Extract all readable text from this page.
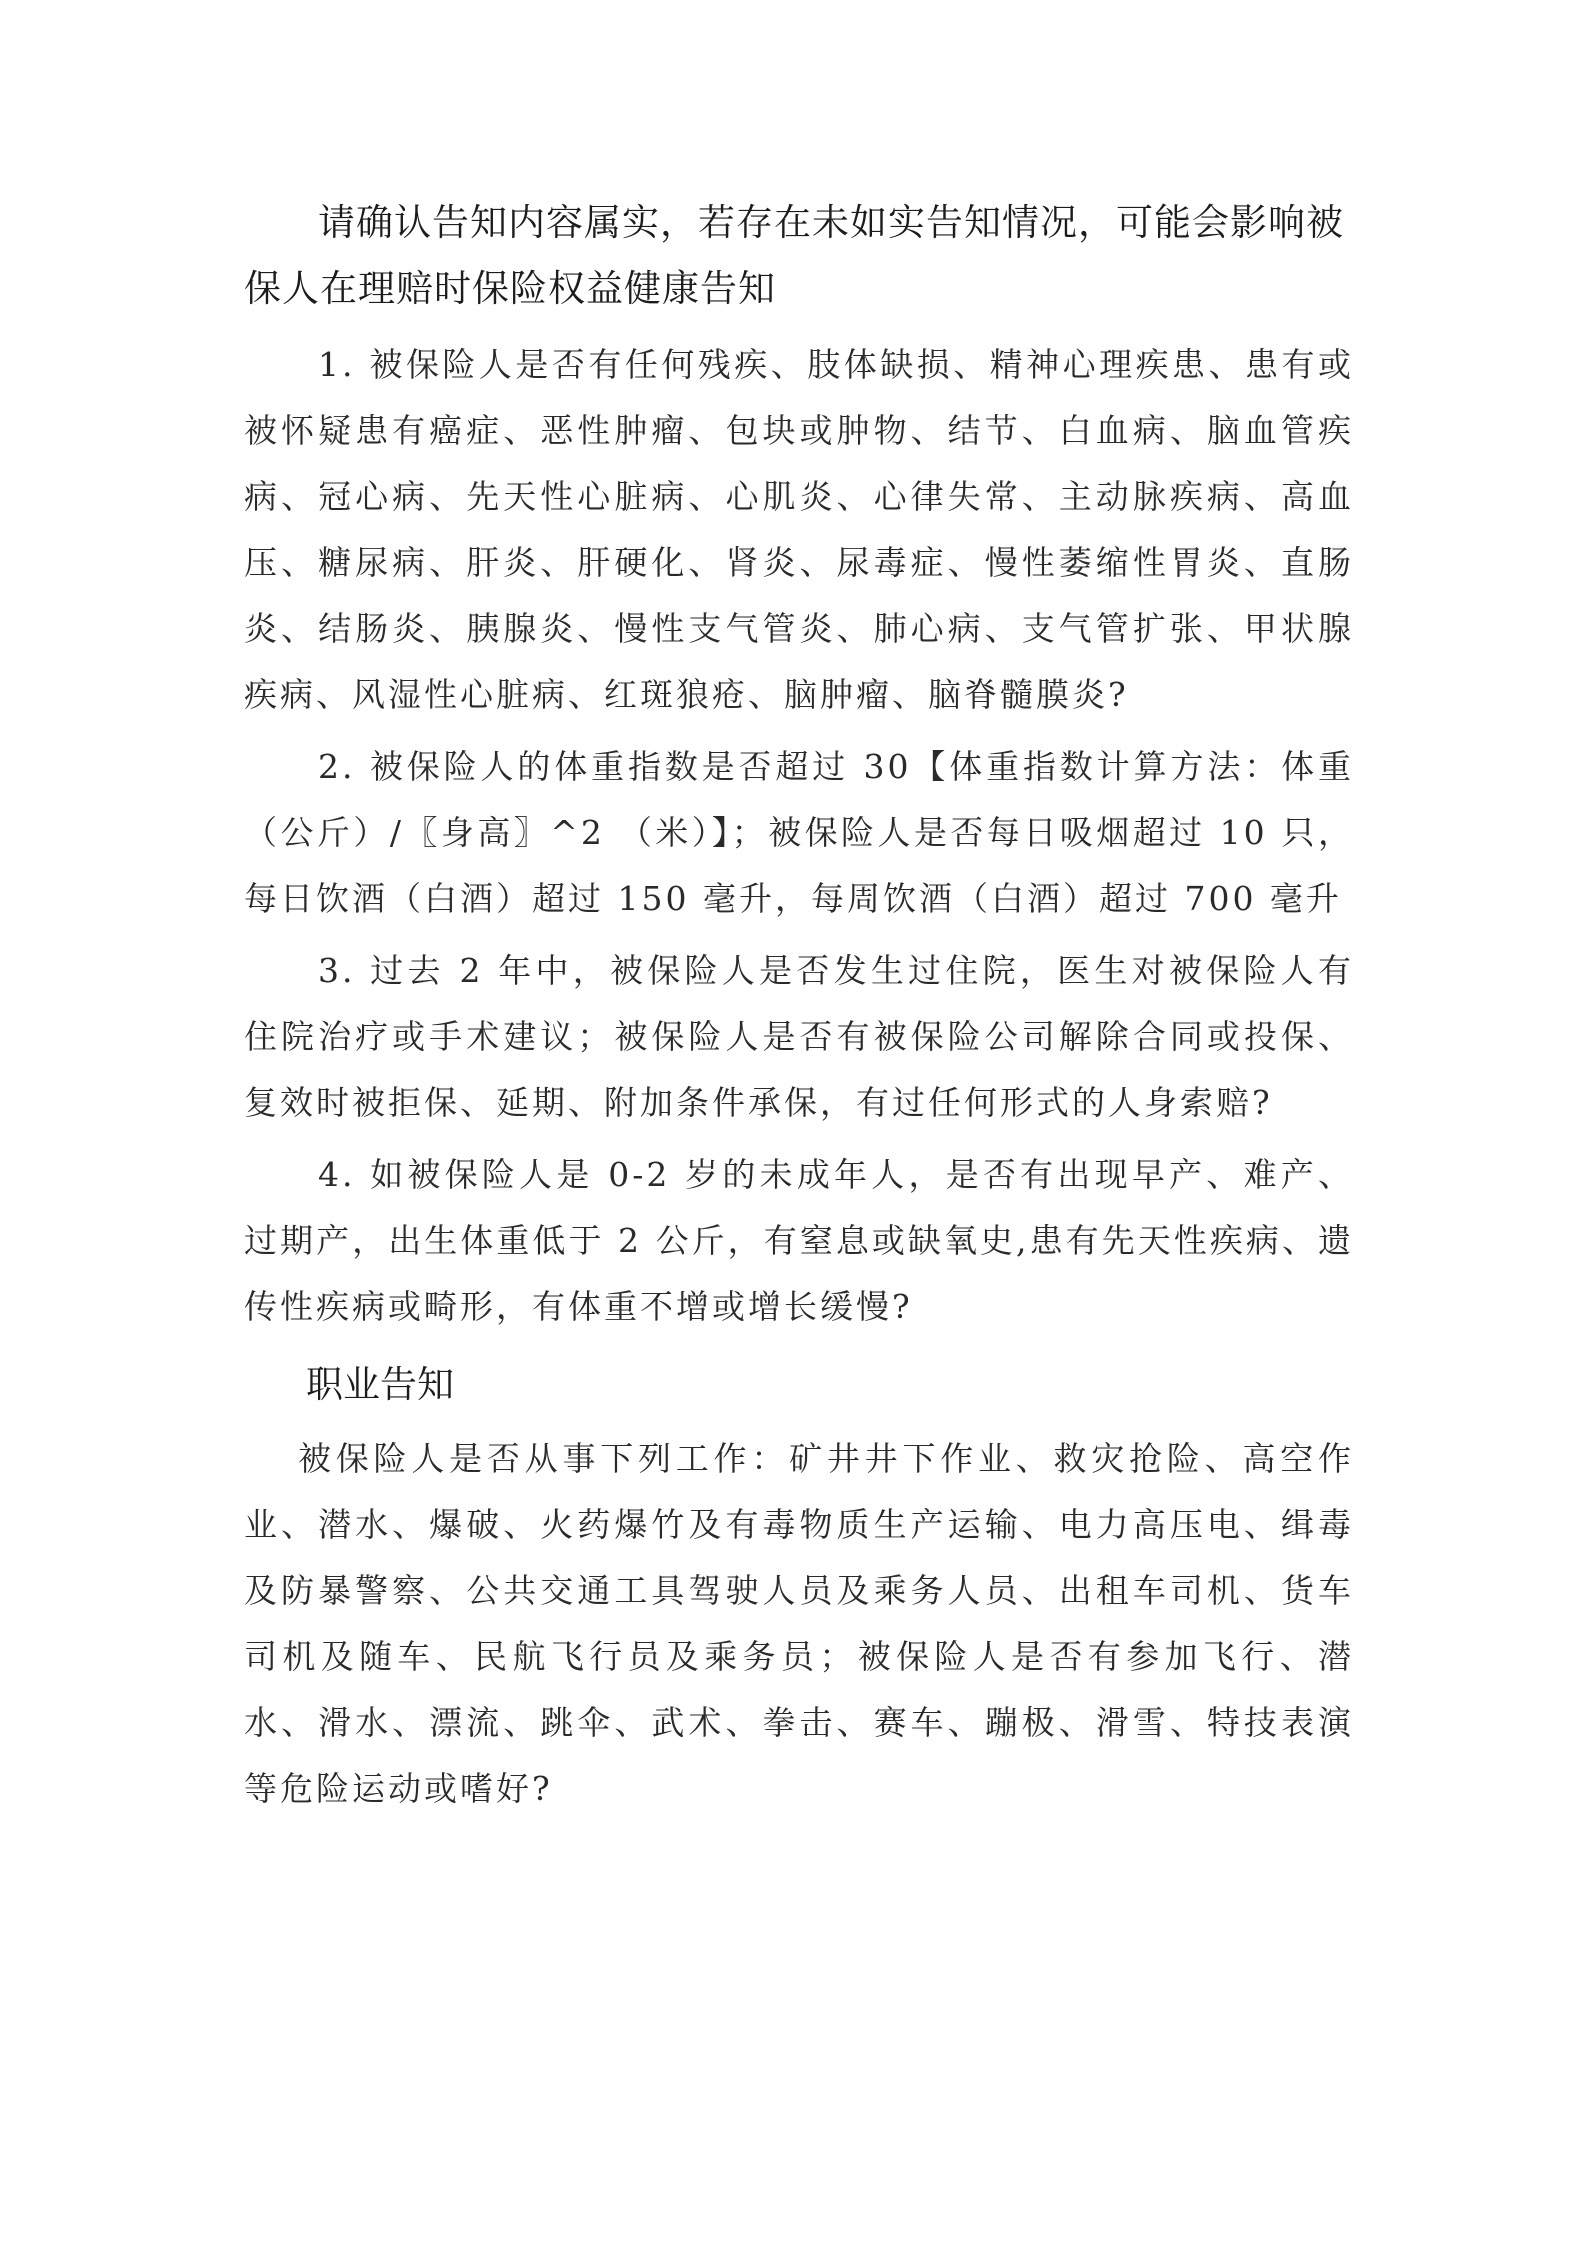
请确认告知内容属实，若存在未如实告知情况，可能会影响被保人在理赔时保险权益健康告知

1. 被保险人是否有任何残疾、肢体缺损、精神心理疾患、患有或被怀疑患有癌症、恶性肿瘤、包块或肿物、结节、白血病、脑血管疾病、冠心病、先天性心脏病、心肌炎、心律失常、主动脉疾病、高血压、糖尿病、肝炎、肝硬化、肾炎、尿毒症、慢性萎缩性胃炎、直肠炎、结肠炎、胰腺炎、慢性支气管炎、肺心病、支气管扩张、甲状腺疾病、风湿性心脏病、红斑狼疮、脑肿瘤、脑脊髓膜炎?

2. 被保险人的体重指数是否超过 30【体重指数计算方法：体重（公斤）/〖身高〗^2 （米）】；被保险人是否每日吸烟超过 10 只，每日饮酒（白酒）超过 150 毫升，每周饮酒（白酒）超过 700 毫升

3. 过去 2 年中，被保险人是否发生过住院，医生对被保险人有住院治疗或手术建议；被保险人是否有被保险公司解除合同或投保、复效时被拒保、延期、附加条件承保，有过任何形式的人身索赔?

4. 如被保险人是 0-2 岁的未成年人，是否有出现早产、难产、过期产，出生体重低于 2 公斤，有窒息或缺氧史,患有先天性疾病、遗传性疾病或畸形，有体重不增或增长缓慢?

职业告知

被保险人是否从事下列工作：矿井井下作业、救灾抢险、高空作业、潜水、爆破、火药爆竹及有毒物质生产运输、电力高压电、缉毒及防暴警察、公共交通工具驾驶人员及乘务人员、出租车司机、货车司机及随车、民航飞行员及乘务员；被保险人是否有参加飞行、潜水、滑水、漂流、跳伞、武术、拳击、赛车、蹦极、滑雪、特技表演等危险运动或嗜好?
